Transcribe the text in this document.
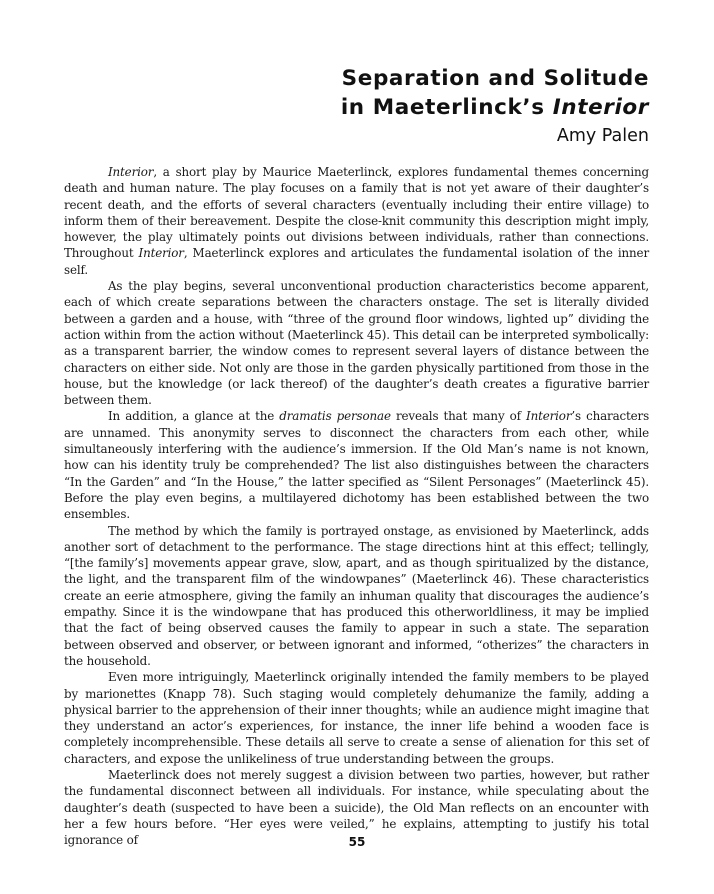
Separation and Solitude
in Maeterlinck’s Interior
Amy Palen

Interior, a short play by Maurice Maeterlinck, explores fundamental themes concerning death and human nature. The play focuses on a family that is not yet aware of their daughter’s recent death, and the efforts of several characters (eventually including their entire village) to inform them of their bereavement. Despite the close-knit community this description might imply, however, the play ultimately points out divisions between individuals, rather than connections. Throughout Interior, Maeterlinck explores and articulates the fundamental isolation of the inner self.

As the play begins, several unconventional production characteristics become apparent, each of which create separations between the characters onstage. The set is literally divided between a garden and a house, with “three of the ground floor windows, lighted up” dividing the action within from the action without (Maeterlinck 45). This detail can be interpreted symbolically: as a transparent barrier, the window comes to represent several layers of distance between the characters on either side. Not only are those in the garden physically partitioned from those in the house, but the knowledge (or lack thereof) of the daughter’s death creates a figurative barrier between them.

In addition, a glance at the dramatis personae reveals that many of Interior’s characters are unnamed. This anonymity serves to disconnect the characters from each other, while simultaneously interfering with the audience’s immersion. If the Old Man’s name is not known, how can his identity truly be comprehended? The list also distinguishes between the characters “In the Garden” and “In the House,” the latter specified as “Silent Personages” (Maeterlinck 45). Before the play even begins, a multilayered dichotomy has been established between the two ensembles.

The method by which the family is portrayed onstage, as envisioned by Maeterlinck, adds another sort of detachment to the performance. The stage directions hint at this effect; tellingly, “[the family’s] movements appear grave, slow, apart, and as though spiritualized by the distance, the light, and the transparent film of the windowpanes” (Maeterlinck 46). These characteristics create an eerie atmosphere, giving the family an inhuman quality that discourages the audience’s empathy. Since it is the windowpane that has produced this otherworldliness, it may be implied that the fact of being observed causes the family to appear in such a state. The separation between observed and observer, or between ignorant and informed, “otherizes” the characters in the household.

Even more intriguingly, Maeterlinck originally intended the family members to be played by marionettes (Knapp 78). Such staging would completely dehumanize the family, adding a physical barrier to the apprehension of their inner thoughts; while an audience might imagine that they understand an actor’s experiences, for instance, the inner life behind a wooden face is completely incomprehensible. These details all serve to create a sense of alienation for this set of characters, and expose the unlikeliness of true understanding between the groups.

Maeterlinck does not merely suggest a division between two parties, however, but rather the fundamental disconnect between all individuals. For instance, while speculating about the daughter’s death (suspected to have been a suicide), the Old Man reflects on an encounter with her a few hours before. “Her eyes were veiled,” he explains, attempting to justify his total ignorance of	55
